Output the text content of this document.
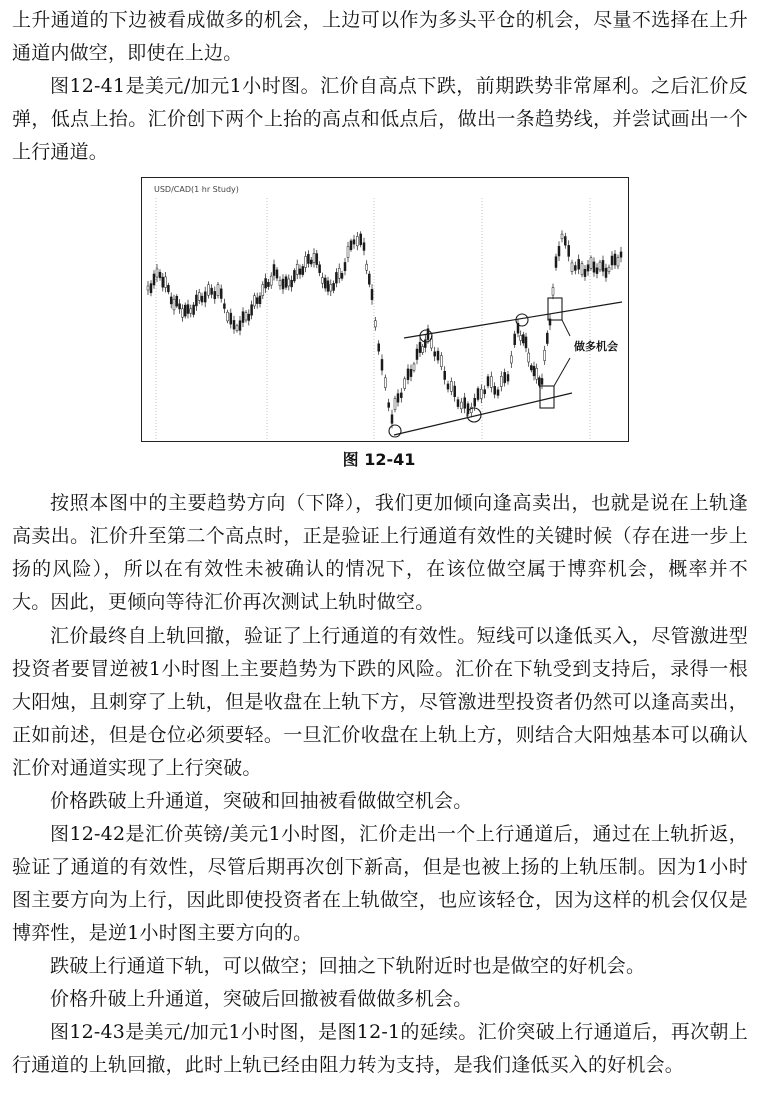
上升通道的下边被看成做多的机会，上边可以作为多头平仓的机会，尽量不选择在上升通道内做空，即使在上边。

图12-41是美元/加元1小时图。汇价自高点下跌，前期跌势非常犀利。之后汇价反弹，低点上抬。汇价创下两个上抬的高点和低点后，做出一条趋势线，并尝试画出一个上行通道。

USD/CAD(1 hr Study)
做多机会
图 12-41

按照本图中的主要趋势方向（下降），我们更加倾向逢高卖出，也就是说在上轨逢高卖出。汇价升至第二个高点时，正是验证上行通道有效性的关键时候（存在进一步上扬的风险），所以在有效性未被确认的情况下，在该位做空属于博弈机会，概率并不大。因此，更倾向等待汇价再次测试上轨时做空。

汇价最终自上轨回撤，验证了上行通道的有效性。短线可以逢低买入，尽管激进型投资者要冒逆被1小时图上主要趋势为下跌的风险。汇价在下轨受到支持后，录得一根大阳烛，且刺穿了上轨，但是收盘在上轨下方，尽管激进型投资者仍然可以逢高卖出，正如前述，但是仓位必须要轻。一旦汇价收盘在上轨上方，则结合大阳烛基本可以确认汇价对通道实现了上行突破。

价格跌破上升通道，突破和回抽被看做做空机会。

图12-42是汇价英镑/美元1小时图，汇价走出一个上行通道后，通过在上轨折返，验证了通道的有效性，尽管后期再次创下新高，但是也被上扬的上轨压制。因为1小时图主要方向为上行，因此即使投资者在上轨做空，也应该轻仓，因为这样的机会仅仅是博弈性，是逆1小时图主要方向的。

跌破上行通道下轨，可以做空；回抽之下轨附近时也是做空的好机会。

价格升破上升通道，突破后回撤被看做做多机会。

图12-43是美元/加元1小时图，是图12-1的延续。汇价突破上行通道后，再次朝上行通道的上轨回撤，此时上轨已经由阻力转为支持，是我们逢低买入的好机会。
